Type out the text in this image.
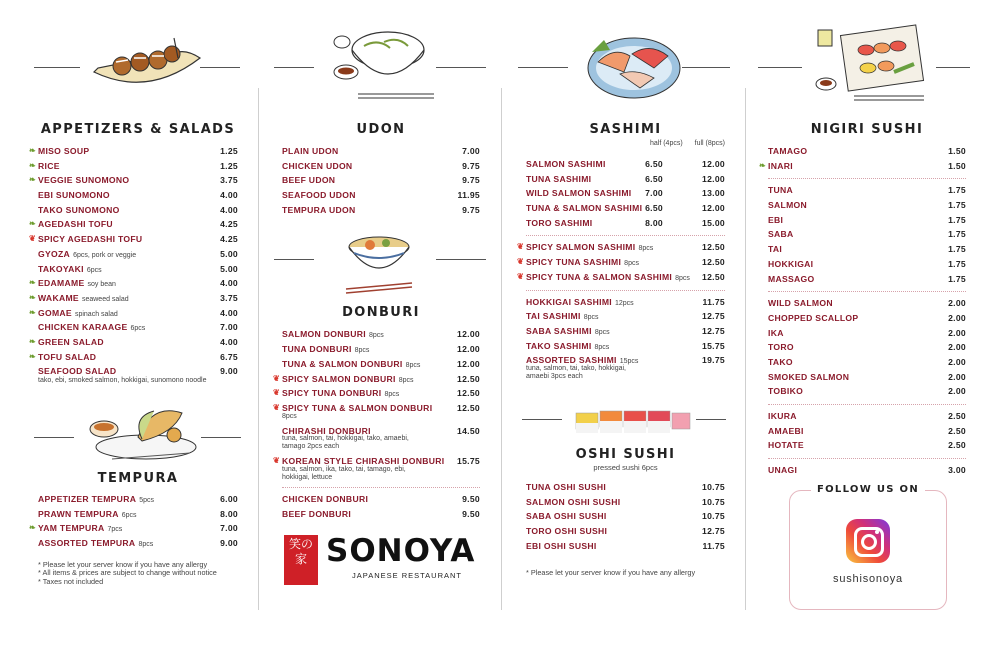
APPETIZERS & SALADS
❧ MISO SOUP	1.25
❧ RICE	1.25
❧ VEGGIE SUNOMONO	3.75
EBI SUNOMONO	4.00
TAKO SUNOMONO	4.00
❧ AGEDASHI TOFU	4.25
❦ SPICY AGEDASHI TOFU	4.25
GYOZA 6pcs, pork or veggie	5.00
TAKOYAKI 6pcs	5.00
❧ EDAMAME soy bean	4.00
❧ WAKAME seaweed salad	3.75
❧ GOMAE spinach salad	4.00
CHICKEN KARAAGE 6pcs	7.00
❧ GREEN SALAD	4.00
❧ TOFU SALAD	6.75
SEAFOOD SALAD	9.00
tako, ebi, smoked salmon, hokkigai, sunomono noodle
TEMPURA
APPETIZER TEMPURA 5pcs	6.00
PRAWN TEMPURA 6pcs	8.00
❧ YAM TEMPURA 7pcs	7.00
ASSORTED TEMPURA 8pcs	9.00
* Please let your server know if you have any allergy
* All items & prices are subject to change without notice
* Taxes not included
UDON
PLAIN UDON	7.00
CHICKEN UDON	9.75
BEEF UDON	9.75
SEAFOOD UDON	11.95
TEMPURA UDON	9.75
DONBURI
SALMON DONBURI 8pcs	12.00
TUNA DONBURI 8pcs	12.00
TUNA & SALMON DONBURI 8pcs	12.00
❦ SPICY SALMON DONBURI 8pcs	12.50
❦ SPICY TUNA DONBURI 8pcs	12.50
❦ SPICY TUNA & SALMON DONBURI	12.50
8pcs
CHIRASHI DONBURI	14.50
tuna, salmon, tai, hokkigai, tako, amaebi, tamago 2pcs each
❦ KOREAN STYLE CHIRASHI DONBURI 15.75
tuna, salmon, ika, tako, tai, tamago, ebi, hokkigai, lettuce
CHICKEN DONBURI	9.50
BEEF DONBURI	9.50
笑の家 SONOYA
JAPANESE RESTAURANT
SASHIMI
half (4pcs) full (8pcs)
SALMON SASHIMI	6.50	12.00
TUNA SASHIMI	6.50	12.00
WILD SALMON SASHIMI 7.00	13.00
TUNA & SALMON SASHIMI 6.50	12.00
TORO SASHIMI	8.00	15.00
❦ SPICY SALMON SASHIMI 8pcs	12.50
❦ SPICY TUNA SASHIMI 8pcs	12.50
❦ SPICY TUNA & SALMON SASHIMI 8pcs 12.50
HOKKIGAI SASHIMI 12pcs	11.75
TAI SASHIMI 8pcs	12.75
SABA SASHIMI 8pcs	12.75
TAKO SASHIMI 8pcs	15.75
ASSORTED SASHIMI 15pcs	19.75
tuna, salmon, tai, tako, hokkigai, amaebi 3pcs each
OSHI SUSHI
pressed sushi 6pcs
TUNA OSHI SUSHI	10.75
SALMON OSHI SUSHI	10.75
SABA OSHI SUSHI	10.75
TORO OSHI SUSHI	12.75
EBI OSHI SUSHI	11.75
* Please let your server know if you have any allergy
NIGIRI SUSHI
TAMAGO	1.50
❧ INARI	1.50
TUNA	1.75
SALMON	1.75
EBI	1.75
SABA	1.75
TAI	1.75
HOKKIGAI	1.75
MASSAGO	1.75
WILD SALMON	2.00
CHOPPED SCALLOP	2.00
IKA	2.00
TORO	2.00
TAKO	2.00
SMOKED SALMON	2.00
TOBIKO	2.00
IKURA	2.50
AMAEBI	2.50
HOTATE	2.50
UNAGI	3.00
FOLLOW US ON
sushisonoya
